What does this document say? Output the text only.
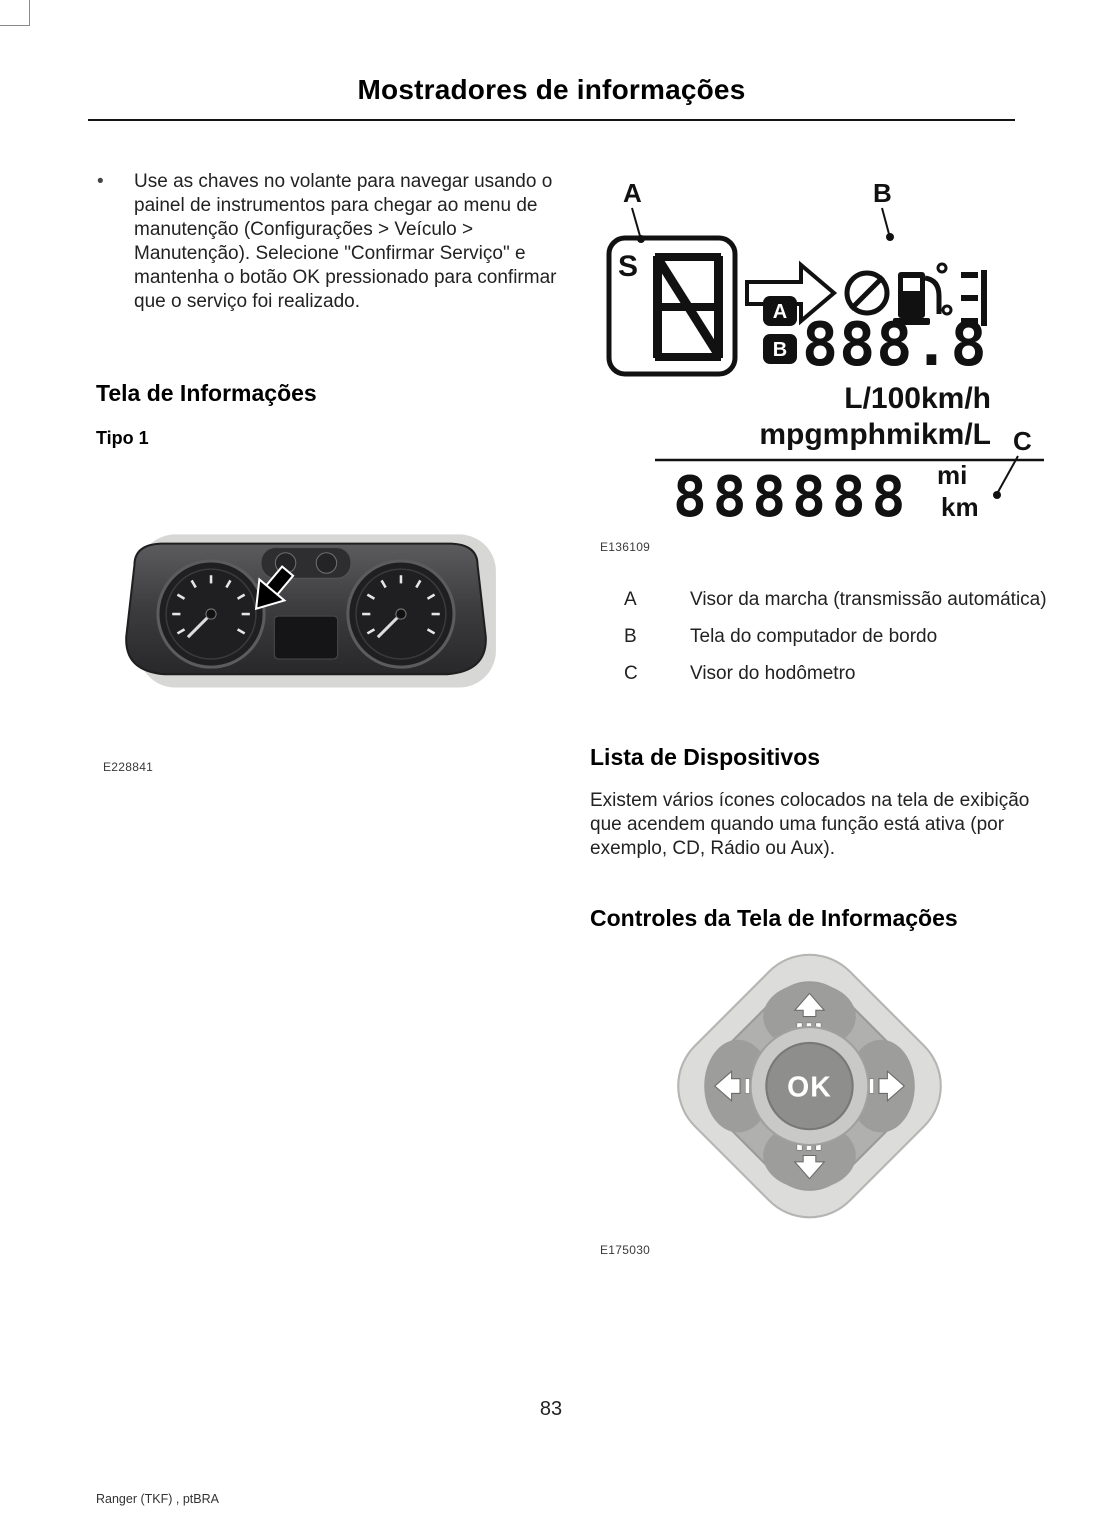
Mostradores de informações
•	Use as chaves no volante para navegar usando o painel de instrumentos para chegar ao menu de manutenção (Configurações > Veículo > Manutenção). Selecione "Confirmar Serviço" e mantenha o botão OK pressionado para confirmar que o serviço foi realizado.
Tela de Informações
Tipo 1
E228841
A	B
S
A
B 888.8
L/100km/h
mpgmphmikm/L C
888888 mi
km
E136109
A	Visor da marcha (transmissão automática)
B	Tela do computador de bordo
C	Visor do hodômetro
Lista de Dispositivos
Existem vários ícones colocados na tela de exibição que acendem quando uma função está ativa (por exemplo, CD, Rádio ou Aux).
Controles da Tela de Informações
OK
E175030
83
Ranger (TKF) , ptBRA
